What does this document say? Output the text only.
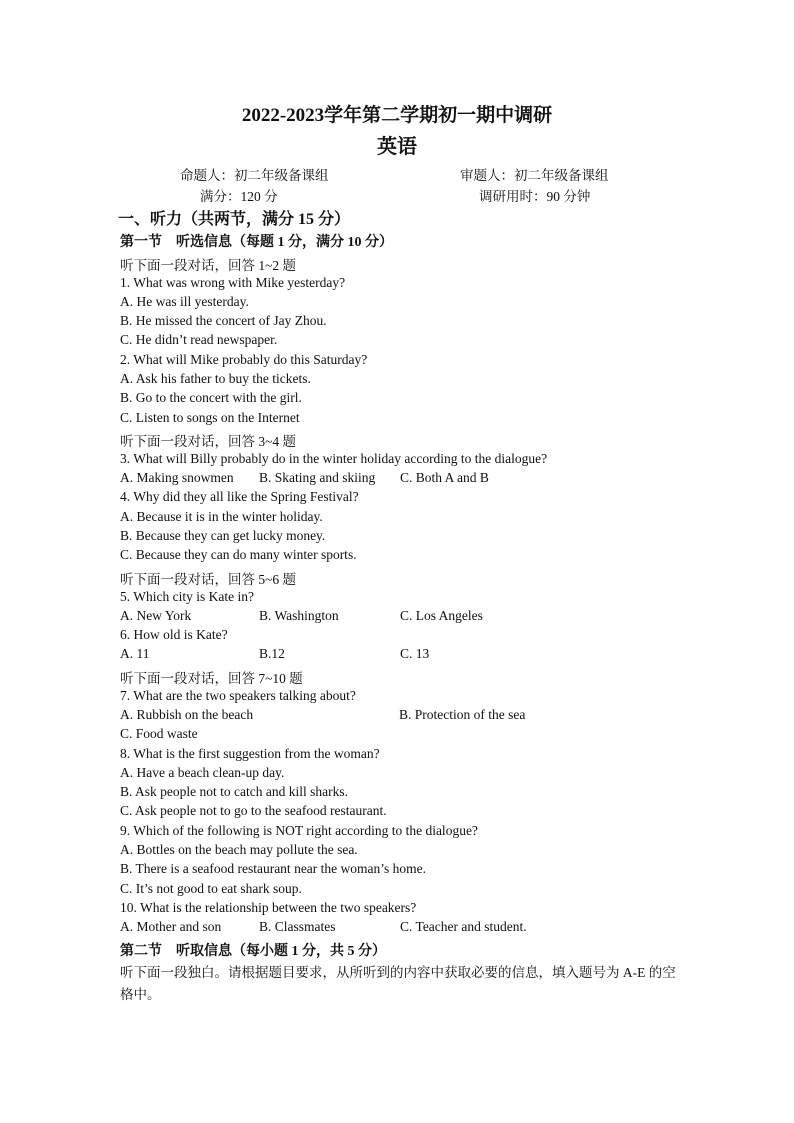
2022-2023学年第二学期初一期中调研
英语
命题人：初二年级备课组	审题人：初二年级备课组
满分：120 分	调研用时：90 分钟
一、听力（共两节，满分 15 分）
第一节　听选信息（每题 1 分，满分 10 分）
听下面一段对话，回答 1~2 题
1. What was wrong with Mike yesterday?
A. He was ill yesterday.
B. He missed the concert of Jay Zhou.
C. He didn’t read newspaper.
2. What will Mike probably do this Saturday?
A. Ask his father to buy the tickets.
B. Go to the concert with the girl.
C. Listen to songs on the Internet
听下面一段对话，回答 3~4 题
3. What will Billy probably do in the winter holiday according to the dialogue?
A. Making snowmen B. Skating and skiing C. Both A and B
4. Why did they all like the Spring Festival?
A. Because it is in the winter holiday.
B. Because they can get lucky money.
C. Because they can do many winter sports.
听下面一段对话，回答 5~6 题
5. Which city is Kate in?
A. New York	B. Washington	C. Los Angeles
6. How old is Kate?
A. 11	B.12	C. 13
听下面一段对话，回答 7~10 题
7. What are the two speakers talking about?
A. Rubbish on the beach	B. Protection of the sea
C. Food waste
8. What is the first suggestion from the woman?
A. Have a beach clean-up day.
B. Ask people not to catch and kill sharks.
C. Ask people not to go to the seafood restaurant.
9. Which of the following is NOT right according to the dialogue?
A. Bottles on the beach may pollute the sea.
B. There is a seafood restaurant near the woman’s home.
C. It’s not good to eat shark soup.
10. What is the relationship between the two speakers?
A. Mother and son	B. Classmates	C. Teacher and student.
第二节　听取信息（每小题 1 分，共 5 分）
听下面一段独白。请根据题目要求，从所听到的内容中获取必要的信息，填入题号为 A-E 的空格中。
